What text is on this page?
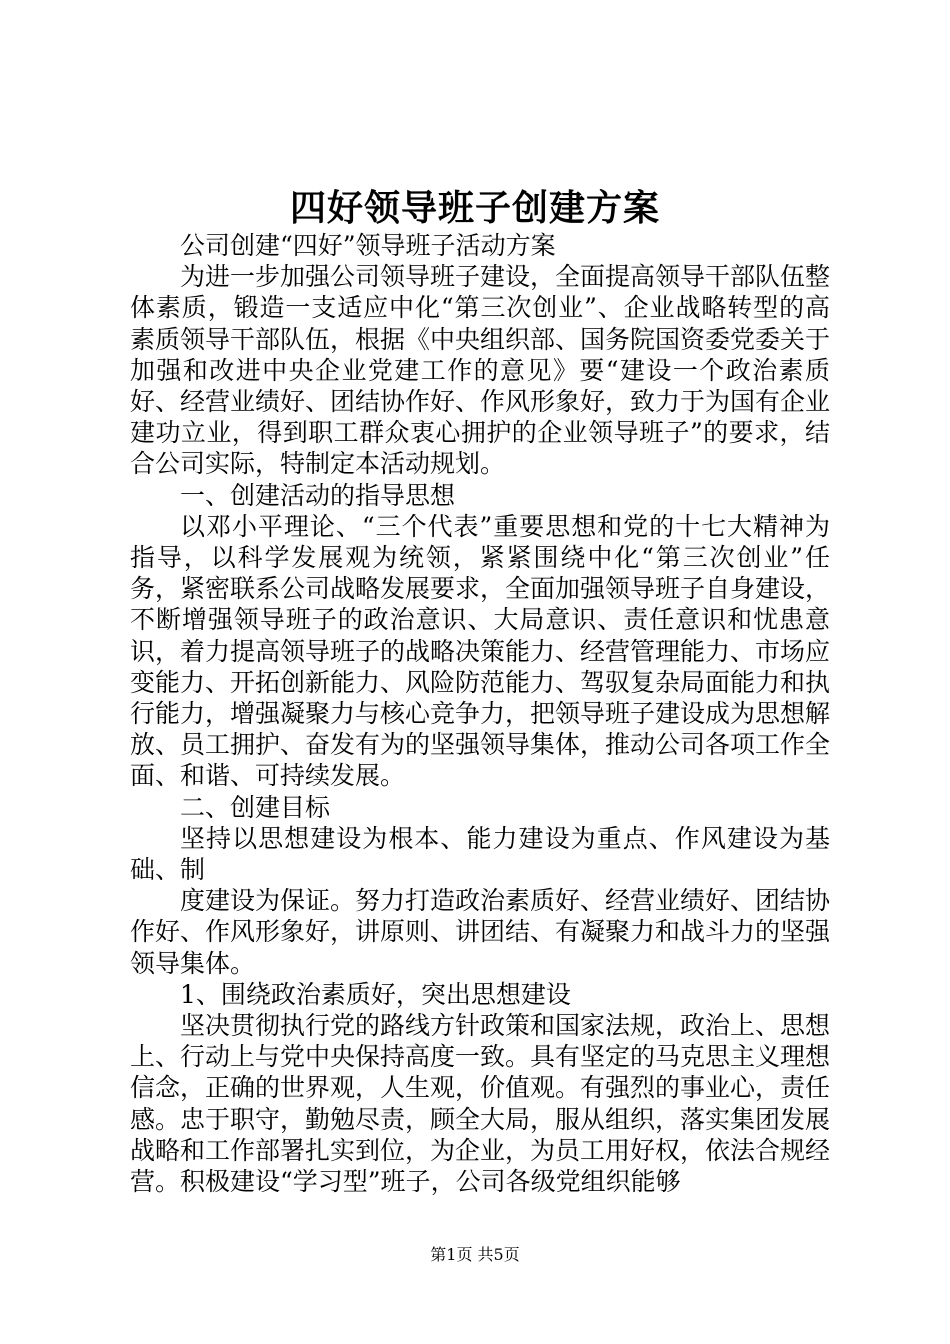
四好领导班子创建方案

公司创建“四好”领导班子活动方案

为进一步加强公司领导班子建设，全面提高领导干部队伍整体素质，锻造一支适应中化“第三次创业”、企业战略转型的高素质领导干部队伍，根据《中央组织部、国务院国资委党委关于加强和改进中央企业党建工作的意见》要“建设一个政治素质好、经营业绩好、团结协作好、作风形象好，致力于为国有企业建功立业，得到职工群众衷心拥护的企业领导班子”的要求，结合公司实际，特制定本活动规划。

一、创建活动的指导思想

以邓小平理论、“三个代表”重要思想和党的十七大精神为指导，以科学发展观为统领，紧紧围绕中化“第三次创业”任务，紧密联系公司战略发展要求，全面加强领导班子自身建设，不断增强领导班子的政治意识、大局意识、责任意识和忧患意识，着力提高领导班子的战略决策能力、经营管理能力、市场应变能力、开拓创新能力、风险防范能力、驾驭复杂局面能力和执行能力，增强凝聚力与核心竞争力，把领导班子建设成为思想解放、员工拥护、奋发有为的坚强领导集体，推动公司各项工作全面、和谐、可持续发展。

二、创建目标

坚持以思想建设为根本、能力建设为重点、作风建设为基础、制

度建设为保证。努力打造政治素质好、经营业绩好、团结协作好、作风形象好，讲原则、讲团结、有凝聚力和战斗力的坚强领导集体。

1、围绕政治素质好，突出思想建设

坚决贯彻执行党的路线方针政策和国家法规，政治上、思想上、行动上与党中央保持高度一致。具有坚定的马克思主义理想信念，正确的世界观，人生观，价值观。有强烈的事业心，责任感。忠于职守，勤勉尽责，顾全大局，服从组织，落实集团发展战略和工作部署扎实到位，为企业，为员工用好权，依法合规经营。积极建设“学习型”班子，公司各级党组织能够

第1页 共5页
